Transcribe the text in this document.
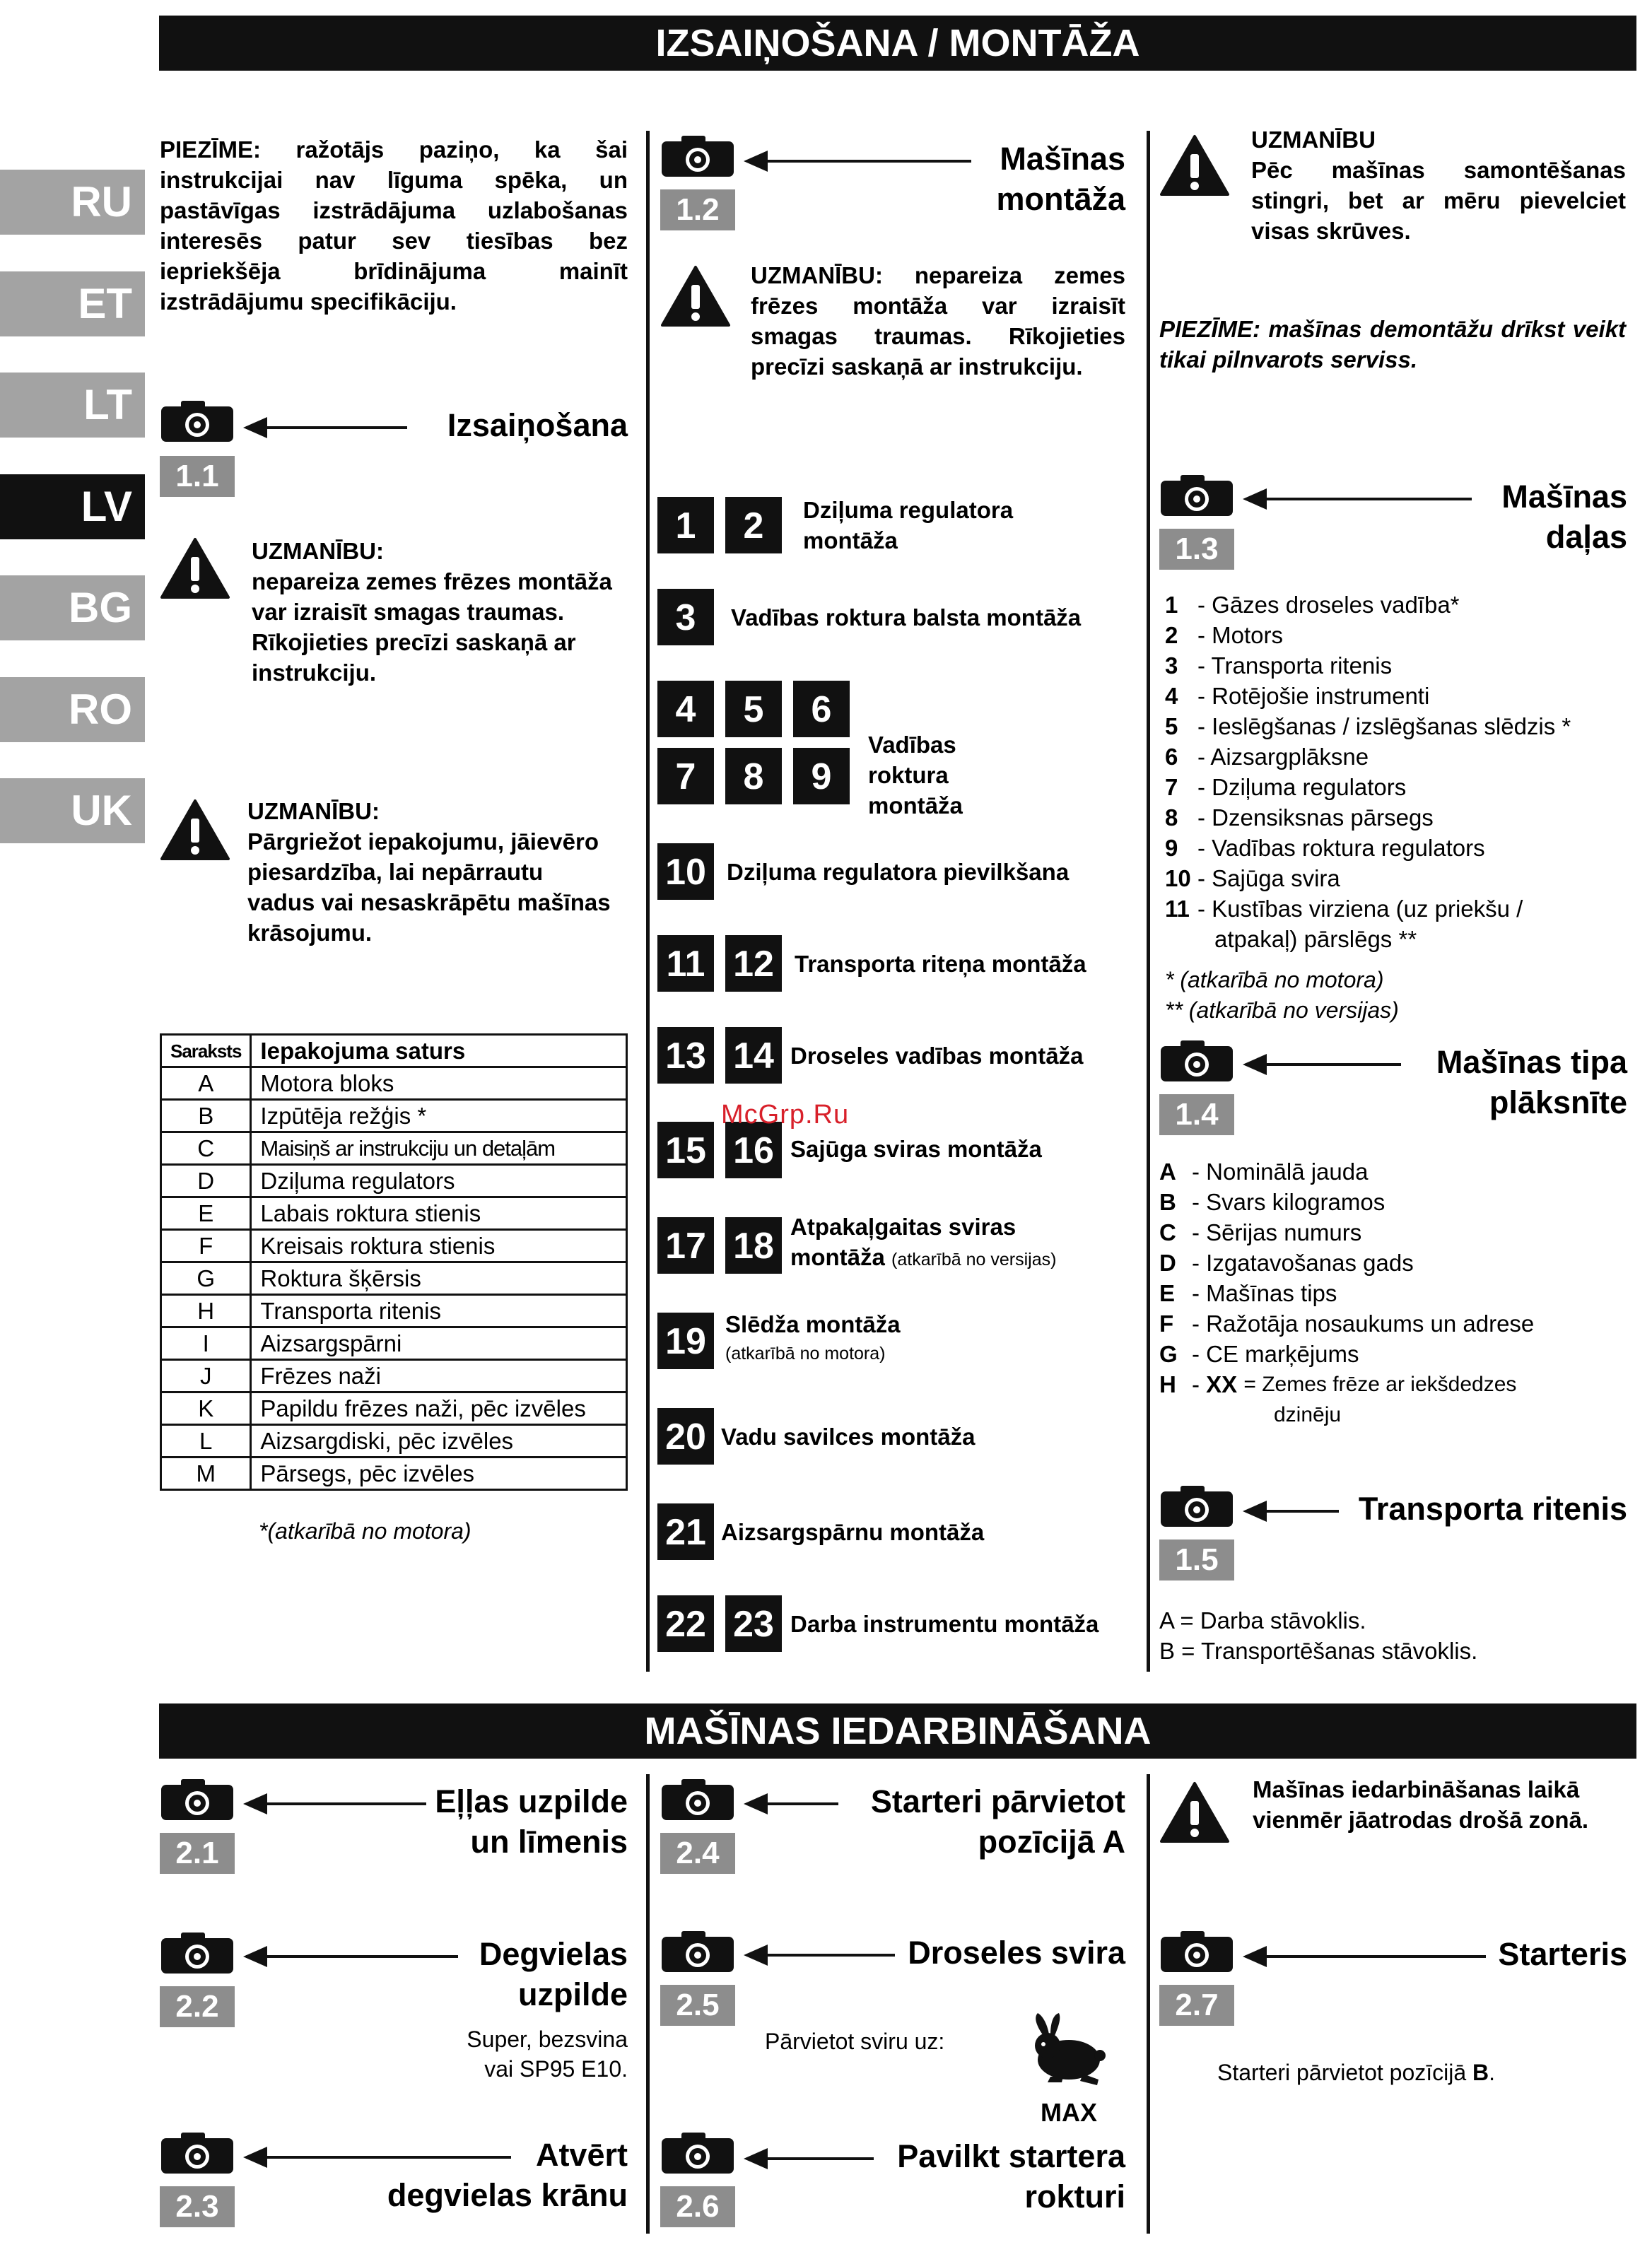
IZSAIŅOŠANA / MONTĀŽA
MAŠĪNAS IEDARBINĀŠANA
RU
ET
LT
LV
BG
RO
UK
PIEZĪME: ražotājs paziņo, ka šai instrukcijai nav līguma spēka, un pastāvīgas izstrādājuma uzlabošanas interesēs patur sev tiesības bez iepriekšēja brīdinājuma mainīt izstrādājumu specifikāciju.
1.1
Izsaiņošana
UZMANĪBU:
nepareiza zemes frēzes montāža var izraisīt smagas traumas. Rīkojieties precīzi saskaņā ar instrukciju.
UZMANĪBU:
Pārgriežot iepakojumu, jāievēro piesardzība, lai nepārrautu vadus vai nesaskrāpētu mašīnas krāsojumu.
Saraksts	Iepakojuma saturs
A	Motora bloks
B	Izpūtēja režģis *
C	Maisiņš ar instrukciju un detaļām
D	Dziļuma regulators
E	Labais roktura stienis
F	Kreisais roktura stienis
G	Roktura šķērsis
H	Transporta ritenis
I	Aizsargspārni
J	Frēzes naži
K	Papildu frēzes naži, pēc izvēles
L	Aizsargdiski, pēc izvēles
M	Pārsegs, pēc izvēles
*(atkarībā no motora)
1.2
Mašīnas
montāža
UZMANĪBU: nepareiza zemes frēzes montāža var izraisīt smagas traumas. Rīkojieties precīzi saskaņā ar instrukciju.
1	2	Dziļuma regulatora montāža
3	Vadības roktura balsta montāža
4	5	6
7	8	9
Vadības roktura montāža
10 Dziļuma regulatora pievilkšana
11 12 Transporta riteņa montāža
13 14 Droseles vadības montāža
15 16 Sajūga sviras montāža
17 18 Atpakaļgaitas sviras
montāža (atkarībā no versijas)
19 Slēdža montāža
(atkarībā no motora)
20 Vadu savilces montāža
21 Aizsargspārnu montāža
22 23 Darba instrumentu montāža
McGrp.Ru
UZMANĪBU
Pēc mašīnas samontēšanas stingri, bet ar mēru pievelciet visas skrūves.
PIEZĪME: mašīnas demontāžu drīkst veikt tikai pilnvarots serviss.
1.3
Mašīnas
daļas
1 - Gāzes droseles vadība*
2 - Motors
3 - Transporta ritenis
4 - Rotējošie instrumenti
5 - Ieslēgšanas / izslēgšanas slēdzis *
6 - Aizsargplāksne
7 - Dziļuma regulators
8 - Dzensiksnas pārsegs
9 - Vadības roktura regulators
10 - Sajūga svira
11 - Kustības virziena (uz priekšu /
atpakaļ) pārslēgs **
* (atkarībā no motora)
** (atkarībā no versijas)
1.4
Mašīnas tipa
plāksnīte
A - Nominālā jauda
B - Svars kilogramos
C - Sērijas numurs
D - Izgatavošanas gads
E - Mašīnas tips
F - Ražotāja nosaukums un adrese
G - CE marķējums
H -
XX
= Zemes frēze ar iekšdedzes
dzinēju
1.5
Transporta ritenis
A = Darba stāvoklis.
B = Transportēšanas stāvoklis.
2.1
Eļļas uzpilde
un līmenis
2.2
Degvielas
uzpilde
Super, bezsvina
vai SP95 E10.
2.3
Atvērt
degvielas krānu
2.4
Starteri pārvietot
pozīcijā A
2.5
Droseles svira
Pārvietot sviru uz:
MAX
2.6
Pavilkt startera
rokturi
Mašīnas iedarbināšanas laikā vienmēr jāatrodas drošā zonā.
2.7
Starteris
Starteri pārvietot pozīcijā B.
